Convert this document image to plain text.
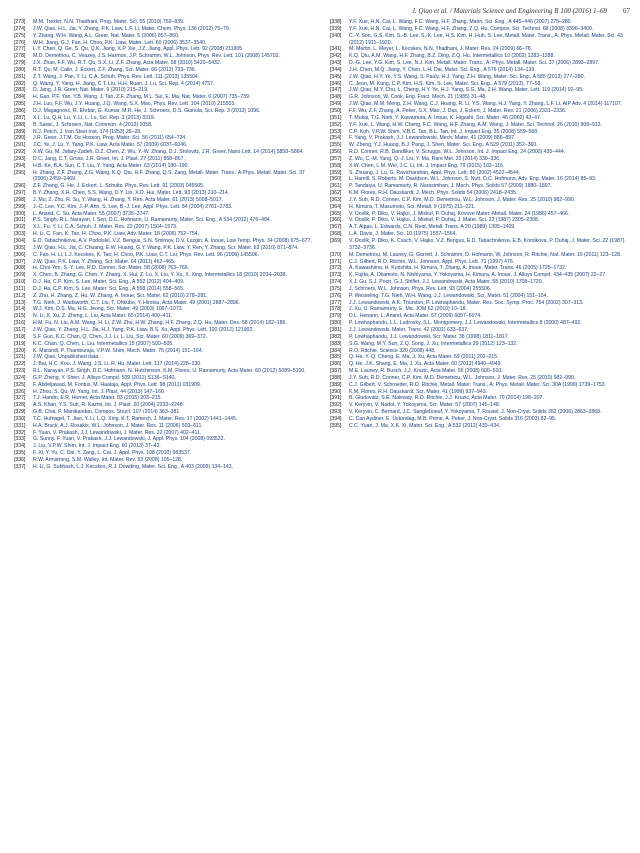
J. Qiao et al. / Materials Science and Engineering R 100 (2016) 1–69 67

[273] M.M. Trexler, N.N. Thadhani, Prog. Mater. Sci. 55 (2010) 759–839.

[274] J.W. Qiao, H.L. Jia, Y. Zhang, P.K. Liaw, L.F. Li, Mater. Chem. Phys. 136 (2012) 75–79.

[275] Y. Zhang, W.H. Wang, A.L. Greer, Nat. Mater. 5 (2006) 857–860.

[276] W.H. Jiang, G.J. Fan, H. Choo, P.K. Liaw, Mater. Lett. 60 (2006) 3537–3540.

[277] L.Y. Chen, Q. Ge, S. Qu, Q.K. Jiang, X.P. Xie, J.Z. Jiang, Appl. Phys. Lett. 92 (2008) 211905.

[278] M.D. Demetriou, C. Veazey, J.S. Harmon, J.P. Schramm, W.L. Johnson, Phys. Rev. Lett. 101 (2008) 145702.

[279] J.X. Zhao, F.F. Wu, R.T. Qu, S.X. Li, Z.F. Zhang, Acta Mater. 58 (2010) 5420–5432.

[280] R.T. Qu, M. Calin, J. Eckert, Z.F. Zhang, Scr. Mater. 66 (2012) 733–736.

[281] Z.T. Wang, J. Pan, Y. Li, C.A. Schuh, Phys. Rev. Lett. 111 (2013) 135504.

[282] Q. Wang, Y. Yang, H. Jiang, C.T. Liu, H.H. Ruan, J. Lu, Sci. Rep. 4 (2014) 4757.

[283] D. Jang, J.R. Greer, Nat. Mater. 9 (2010) 215–219.

[284] H. Guo, P.F. Yan, Y.B. Wang, J. Tan, Z.F. Zhang, M.L. Sui, E. Ma, Nat. Mater. 6 (2007) 735–739.

[285] J.H. Luo, F.F. Wu, J.Y. Huang, J.Q. Wang, S.X. Mao, Phys. Rev. Lett. 104 (2010) 215503.

[286] D.J. Magagnosc, R. Ehrbar, G. Kumar, M.R. He, J. Schroers, D.S. Gianola, Sci. Rep. 3 (2013) 1096.

[287] X.L. Lu, Q.H. Lu, Y. Li, L. Lu, Sci. Rep. 3 (2013) 3319.

[288] B. Sarac, J. Schroers, Nat. Commun. 4 (2013) 2058.

[289] N.J. Petch, J. Iron Steel Inst. 174 (1953) 25–28.

[290] J.R. Greer, J.T.M. De Hosson, Prog. Mater. Sci. 56 (2011) 654–724.

[291] J.C. Ye, J. Lu, Y. Yang, P.K. Liaw, Acta Mater. 57 (2009) 6037–6046.

[292] X.W. Gu, M. Jafary-Zadeh, D.Z. Chen, Z. Wu, Y.-W. Zhang, D.J. Srolovitz, J.R. Greer, Nano Lett. 14 (2014) 5858–5864.

[293] D.C. Jang, C.T. Gross, J.R. Greer, Int. J. Plast. 27 (2011) 858–867.

[294] H.B. Ke, B.A. Sun, C.T. Liu, Y. Yang, Acta Mater. 63 (2014) 180–190.

[295] H. Zhang, Z.F. Zhang, Z.G. Wang, K.Q. Qiu, H.F. Zhang, Q.S. Zang, Metall. Mater. Trans.: A Phys. Metall. Mater. Sci. 37 (2006) 2459–2469.

[296] Z.F. Zhang, G. He, J. Eckert, L. Schultz, Phys. Rev. Lett. 91 (2003) 045505.

[297] B.Y. Zhang, X.H. Chen, S.S. Wang, D.Y. Lin, X.D. Hui, Mater. Lett. 93 (2013) 210–214.

[298] J. Mu, Z. Zhu, R. Su, Y. Wang, H. Zhang, Y. Ren, Acta Mater. 61 (2013) 5008–5017.

[299] J.-C. Lee, Y.C. Kim, J.-P. Ahn, S. Lee, B.-J. Lee, Appl. Phys. Lett. 84 (2004) 2781–2783.

[300] L. Anand, C. Su, Acta Mater. 55 (2007) 3735–3747.

[301] P.S. Singh, R.L. Narayan, I. Sen, D.C. Hofmann, U. Ramamurty, Mater. Sci. Eng., A 534 (2012) 476–484.

[302] X.L. Fu, Y. Li, C.A. Schuh, J. Mater. Res. 22 (2007) 1564–1573.

[303] H. Li, C. Fan, K. Tao, H. Choo, P.K. Liaw, Adv. Mater. 18 (2006) 752–754.

[304] E.D. Tabachnikova, A.V. Podolskii, V.Z. Bengus, S.N. Smirnov, D.V. Luzgin, A. Inoue, Low Temp. Phys. 34 (2008) 675–677.

[305] J.W. Qiao, H.L. Jia, C. Chuang, E.W. Huang, G.Y. Wang, P.K. Liaw, Y. Ren, Y. Zhang, Scr. Mater. 63 (2010) 871–874.

[306] C. Fan, H. Li, L.J. Kecskes, K. Tao, H. Choo, P.K. Liaw, C.T. Liu, Phys. Rev. Lett. 96 (2006) 145506.

[307] J.W. Qiao, P.K. Liaw, Y. Zhang, Scr. Mater. 64 (2011) 462–465.

[308] H. Choi-Yim, S.-Y. Lee, R.D. Conner, Scr. Mater. 58 (2008) 763–766.

[309] X. Chen, B. Zhang, G. Chen, Y. Zhang, X. Hui, Z. Lu, X. Liu, Y. Xu, X. Xing, Intermetallics 18 (2010) 2034–2038.

[310] D.J. Ha, C.P. Kim, S. Lee, Mater. Sci. Eng., A 552 (2012) 404–409.

[311] D.J. Ha, C.P. Kim, S. Lee, Mater. Sci. Eng., A 558 (2014) 558–565.

[312] Z. Zhu, H. Zhang, Z. Hu, W. Zhang, A. Inoue, Scr. Mater. 62 (2010) 278–281.

[313] T.G. Nieh, J. Wadsworth, C.T. Liu, T. Ohkubo, Y. Hirotsu, Acta Mater. 49 (2001) 2887–2896.

[314] W.J. Kim, D.S. Ma, H.G. Jeong, Scr. Mater. 49 (2003) 1067–1073.

[315] N. Li, X. Xu, Z. Zheng, L. Liu, Acta Mater. 65 (2014) 400–411.

[316] H.M. Fu, N. Liu, A.M. Wang, H. Li, Z.W. Zhu, H.W. Zhang, H.F. Zhang, Z.Q. Hu, Mater. Des. 58 (2014) 182–186.

[317] J.W. Qiao, Y. Zhang, H.L. Jia, H.J. Yang, P.K. Liaw, B.S. Xu, Appl. Phys. Lett. 100 (2012) 121902.

[318] S.F. Guo, K.C. Chan, Q. Chen, J.J. Li, L. Liu, Scr. Mater. 60 (2009) 369–372.

[319] K.C. Chan, Q. Chen, L. Liu, Intermetallics 15 (2007) 500–505.

[320] K. Marandi, P. Thamburaja, V.P.W. Shim, Mech. Mater. 75 (2014) 151–164.

[321] J.W. Qiao, Unpublished data.

[322] J. Bai, H.C. Kou, J. Wang, J.S. Li, R. Hu, Mater. Lett. 117 (2014) 228–230.

[323] R.L. Narayan, P.S. Singh, D.C. Hofmann, N. Hutchinson, K.M. Flores, U. Ramamurty, Acta Mater. 60 (2012) 5089–5100.

[324] G.P. Zheng, Y. Shen, J. Alloys Compd. 509 (2011) S136–S140.

[325] F. Abdeljawad, M. Fontus, M. Haataja, Appl. Phys. Lett. 98 (2011) 031909.

[326] H. Zhou, S. Qu, W. Yang, Int. J. Plast. 44 (2013) 147–160.

[327] T.J. Hardin, E.R. Homer, Acta Mater. 83 (2015) 203–215.

[328] A.S. Khan, Y.S. Suh, R. Kazmi, Int. J. Plast. 20 (2004) 2233–2248.

[329] G.B. Chai, P. Manikandan, Compos. Struct. 107 (2014) 363–381.

[330] T.C. Hufnagel, T. Jiao, Y. Li, L.Q. Xing, K.T. Ramesh, J. Mater. Res. 17 (2002) 1441–1445.

[331] H.A. Bruck, A.J. Rosakis, W.L. Johnson, J. Mater. Res. 11 (2006) 503–511.

[332] F. Yuan, V. Prakash, J.J. Lewandowski, J. Mater. Res. 22 (2007) 402–411.

[333] G. Sunny, F. Yuan, V. Prakash, J.J. Lewandowski, J. Appl. Phys. 104 (2008) 093522.

[334] J. Liu, V.P.W. Shim, Int. J. Impact Eng. 60 (2013) 37–43.

[335] F. Xi, Y. Yu, C. Dai, Y. Zang, L. Cai, J. Appl. Phys. 108 (2010) 083537.

[336] R.W. Armstrong, S.M. Walley, Int. Mater. Rev. 53 (2008) 105–128.

[337] H. Li, G. Subhash, L.J. Kecskes, R.J. Dowding, Mater. Sci. Eng., A 403 (2005) 134–143.

[338] Y.F. Xue, H.N. Cai, L. Wang, F.C. Wang, H.F. Zhang, Mater. Sci. Eng., A 445–446 (2007) 275–280.

[339] Y.F. Xue, H.N. Cai, L. Wang, F.C. Wang, H.F. Zhang, Z.Q. Hu, Compos. Sci. Technol. 68 (2008) 3396–3400.

[340] C.-Y. Son, G.S. Kim, S.-B. Lee, S.-K. Lee, H.S. Kim, H. Huh, S. Lee, Metall. Mater. Trans., A: Phys. Metall. Mater. Sci. 43 (2012) 1911–1920.

[341] M. Martin, L. Meyer, L. Kecskes, N.N. Thadhani, J. Mater. Res. 24 (2009) 66–78.

[342] K.Q. Qiu, A.M. Wang, H.F. Zhang, B.Z. Ding, Z.Q. Hu, Intermetallics 10 (2002) 1283–1288.

[343] D.-G. Lee, Y.G. Kim, S. Lee, N.J. Kim, Metall. Mater. Trans., A: Phys. Metall. Mater. Sci. 37 (2006) 2893–2897.

[344] J.H. Chen, M.Q. Jiang, Y. Chen, L.H. Dai, Mater. Sci. Eng., A 576 (2014) 134–139.

[345] J.W. Qiao, H.Y. Ye, Y.S. Wang, S. Pauly, H.J. Yang, Z.H. Wang, Mater. Sci. Eng., A 585 (2013) 277–280.

[346] C. Jeon, M. Kang, C.P. Kim, H.S. Kim, S. Lee, Mater. Sci. Eng., A 579 (2013), 77–58.

[347] J.W. Qiao, M.Y. Chu, L. Cheng, H.Y. Ye, H.J. Yang, S.G. Ma, Z.H. Wang, Mater. Lett. 119 (2014) 92–95.

[348] G.R. Johnson, W. Cook, Eng. Fract. Mech. 21 (1985) 31–48.

[349] J.W. Qiao, M.M. Meng, Z.H. Wang, C.J. Huang, R. Li, Y.S. Wang, H.J. Yang, Y. Zhang, L.F. Li, AIP Adv. 4 (2014) 117107.

[350] F.F. Wu, Z.F. Zhang, A. Peker, S.X. Mao, J. Das, J. Eckert, J. Mater. Res. 21 (2006) 2331–2336.

[351] T. Mukai, T.G. Nieh, Y. Kawamura, A. Inoue, K. Higashi, Scr. Mater. 46 (2002) 43–47.

[352] Y.F. Xue, L. Wang, H.W. Cheng, F.C. Wang, H.F. Zhang, A.M. Wang, J. Mater. Sci. Technol. 26 (2010) 908–913.

[353] C.P. Koh, V.P.W. Shim, V.B.C. Tan, B.L. Tan, Int. J. Impact Eng. 35 (2008) 559–568.

[354] F. Yang, V. Prakash, J.J. Lewandowski, Mech. Mater. 41 (2009) 886–897.

[355] W. Zheng, Y.J. Huang, B.J. Pang, J. Shen, Mater. Sci. Eng., A 529 (2011) 352–360.

[356] R.D. Conner, R.B. Dandliker, V. Scruggs, W.L. Johnson, Int. J. Impact Eng. 24 (2000) 435–444.

[357] Z. Wu, C.-M. Yang, Q.-J. Liu, Y. Ma, Rare Met. 33 (2014) 330–336.

[358] X.W. Chen, L.M. Wei, J.C. Li, Int. J. Impact Eng. 79 (2015) 102–116.

[359] S. Zhuang, J. Lu, G. Ravichandran, Appl. Phys. Lett. 80 (2002) 4522–4544.

[360] L. Hamill, S. Roberts, M. Davidson, W.L. Johnson, S. Nutt, D.C. Hofmann, Adv. Eng. Mater. 16 (2014) 85–93.

[361] P. Tandaiya, U. Ramamurty, R. Narasimhan, J. Mech. Phys. Solids 57 (2009) 1880–1897.

[362] K.M. Flores, R.H. Dauskardt, J. Mech. Phys. Solids 54 (2006) 2418–2435.

[363] J.Y. Suh, R.D. Conner, C.P. Kim, M.D. Demetriou, W.L. Johnson, J. Mater. Res. 25 (2010) 982–990.

[364] H. Kimura, T. Masumoto, Scr. Metall. 9 (1975) 211–221.

[365] V. Ocelik, P. Diko, V. Hajko, J. Miskuf, P. Duhaj, Kovove Mater.-Metall. Mater. 24 (1986) 457–466.

[366] V. Ocelik, P. Diko, V. Hajko, J. Miskuf, P. Duhaj, J. Mater. Sci. 22 (1987) 2305–2308.

[367] A.T. Alpas, L. Edwards, C.N. Reid, Metall. Trans. A 20 (1989) 1395–1409.

[368] L.A. Davis, J. Mater. Sci. 10 (1975) 1557–1564.

[369] V. Ocelik, P. Diko, K. Csach, V. Hajko, V.Z. Bengus, E.D. Tabachnikova, E.B. Korolkova, P. Duhaj, J. Mater. Sci. 22 (1987) 3732–3736.

[370] M. Demetriou, M. Launey, G. Garrett, J. Schramm, D. Hofmann, W. Johnson, R. Ritchie, Nat. Mater. 10 (2011) 123–128.

[371] C.J. Gilbert, R.O. Ritchie, W.L. Johnson, Appl. Phys. Lett. 71 (1997) 476.

[372] A. Kawashima, H. Kurishita, H. Kimura, T. Zhang, A. Inoue, Mater. Trans. 46 (2005) 1725–1732.

[373] K. Fujita, A. Okamoto, N. Nishiyama, Y. Yokoyama, H. Kimura, A. Inoue, J. Alloys Compd. 434–435 (2007) 22–27.

[374] X.J. Gu, S.J. Poon, G.J. Shiflet, J.J. Lewandowski, Acta Mater. 58 (2010) 1708–1720.

[375] J. Schroers, W.L. Johnson, Phys. Rev. Lett. 93 (2004) 255506.

[376] P. Wesseling, T.G. Nieh, W.H. Wang, J.J. Lewandowski, Scr. Mater. 51 (2004) 151–154.

[377] J.J. Lewandowski, A.K. Thurston, P. Lowhaphandu, Mater. Res. Soc. Symp. Proc. 754 (2002) 307–313.

[378] J. Xu, U. Ramamurty, E. Ma, JOM 62 (2010) 10–18.

[379] D.L. Henann, L. Anand, Acta Mater. 57 (2009) 6057–6074.

[380] P. Lowhaphandu, L.L. Ludrosky, S.L. Montgomery, J.J. Lewandowski, Intermetallics 8 (2000) 487–492.

[381] J.J. Lewandowski, Mater. Trans. 42 (2001) 633–637.

[382] P. Lowhaphandu, J.J. Lewandowski, Scr. Mater. 38 (1998) 1811–1817.

[383] S.G. Wang, M.Y. Sun, Z.Q. Song, J. Xu, Intermetallics 29 (2012) 123–132.

[384] R.O. Ritchie, Science 320 (2008) 448.

[385] Q. He, Y.-Q. Cheng, E. Ma, J. Xu, Acta Mater. 59 (2011) 202–215.

[386] Q. He, J.K. Shang, E. Ma, J. Xu, Acta Mater. 60 (2012) 4940–4949.

[387] M.E. Launey, R. Busch, J.J. Kruzic, Acta Mater. 56 (2008) 500–510.

[388] J.Y. Suh, R.D. Conner, C.P. Kim, M.D. Demetriou, W.L. Johnson, J. Mater. Res. 25 (2010) 982–990.

[389] C.J. Gilbert, V. Schroeder, R.O. Ritchie, Metall. Mater. Trans., A: Phys. Metall. Mater. Sci. 30A (1999) 1739–1753.

[390] K.M. Flores, R.H. Dauskardt, Scr. Mater. 41 (1999) 937–943.

[391] B. Gludovatz, S.E. Naleway, R.O. Ritchie, J.J. Kruzic, Acta Mater. 70 (2014) 198–207.

[392] V. Keryvin, V. Nadot, Y. Yokoyama, Scr. Mater. 57 (2007) 145–148.

[393] V. Keryvin, C. Bernard, J.C. Sangleboeuf, Y. Yokoyama, T. Rouxel, J. Non-Cryst. Solids 352 (2006) 2863–2868.

[394] C. Can Aydiner, E. Üstündag, M.B. Prime, A. Peker, J. Non-Cryst. Solids 316 (2003) 82–95.

[395] C.C. Yuan, J. Ma, X.K. Xi, Mater. Sci. Eng., A 532 (2012) 430–434.
